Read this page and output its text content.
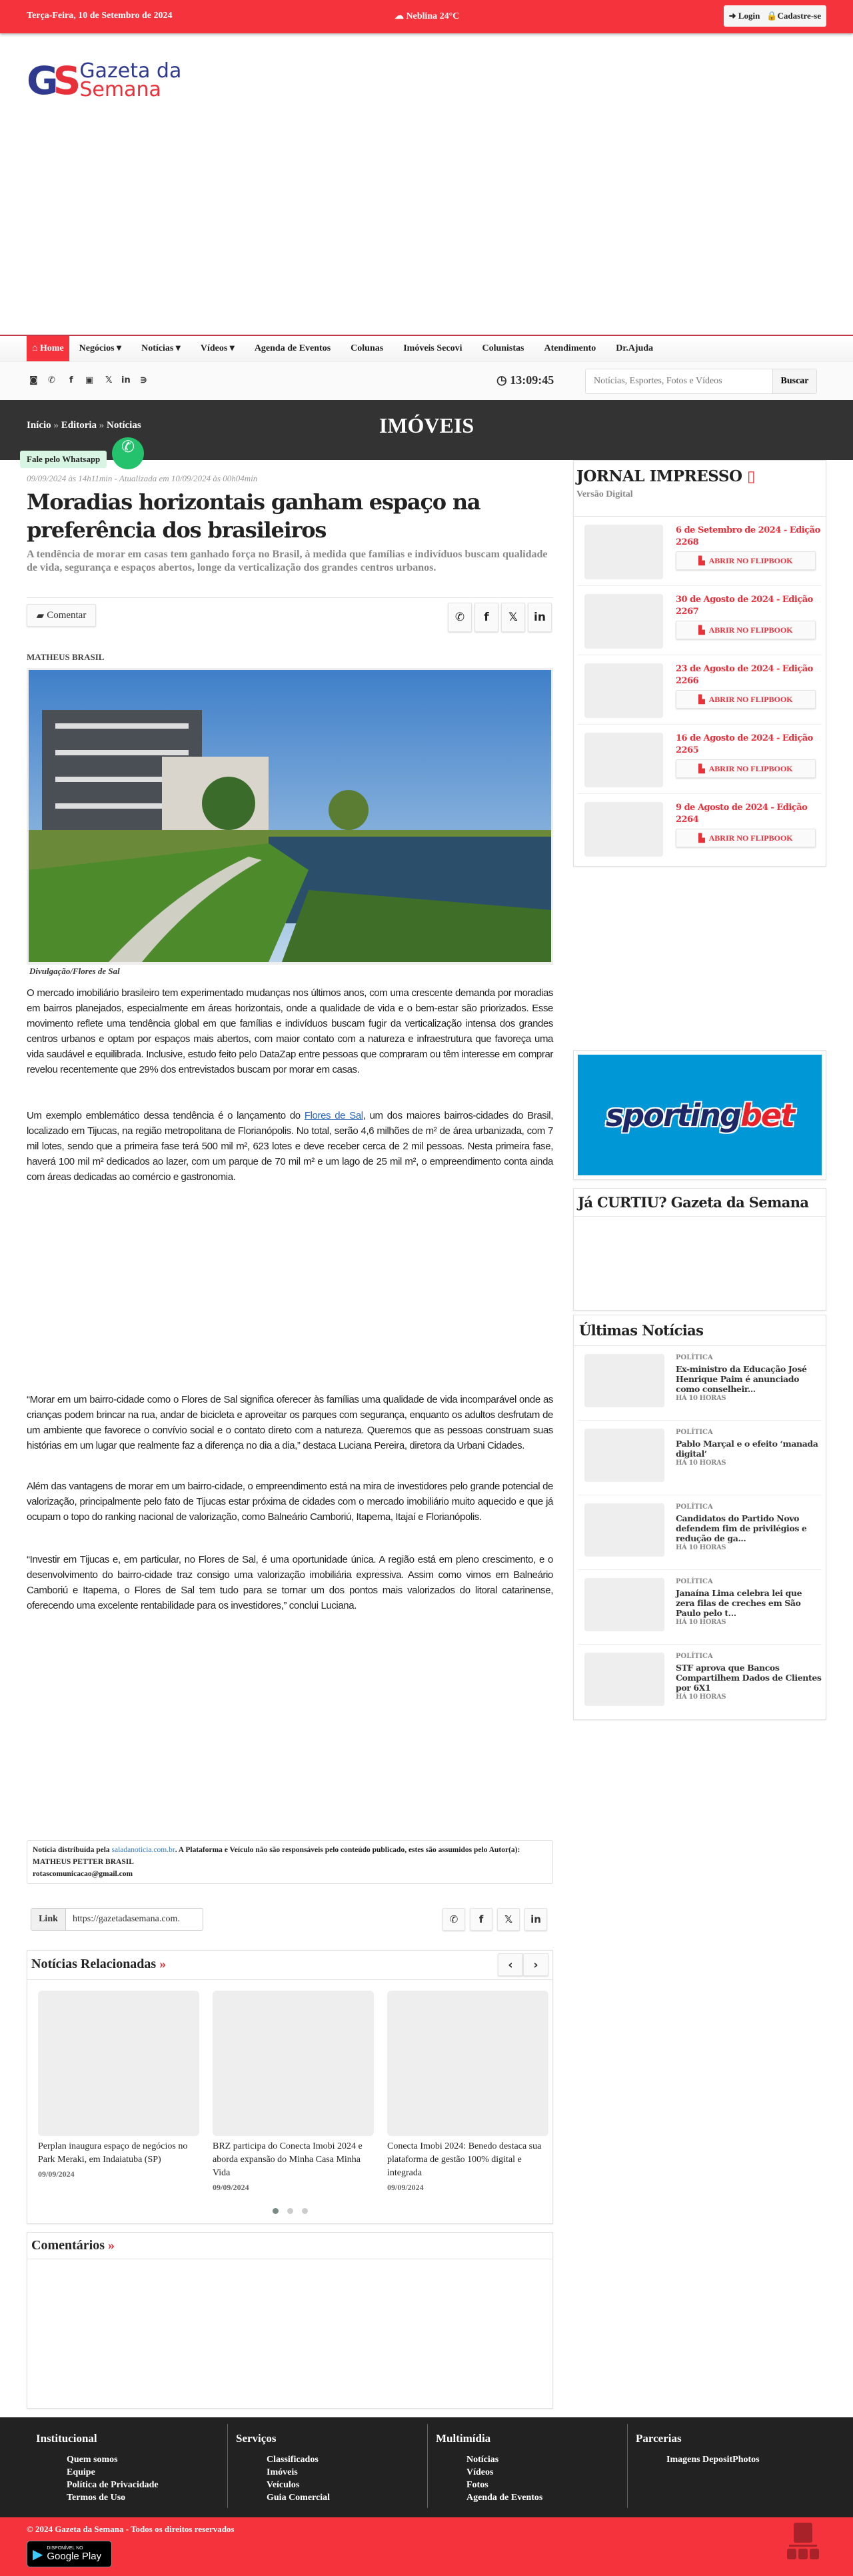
Terça-Feira, 10 de Setembro de 2024	☁ Neblina 24°C	➜ Login 🔒Cadastre-se
GS Gazeta da
Semana
⌂ Home	Negócios ▾	Notícias ▾	Vídeos ▾	Agenda de Eventos	Colunas	Imóveis Secovi	Colunistas	Atendimento	Dr.Ajuda
◙ ✆ f ▣ 𝕏 in ⋑	◷ 13:09:45
Notícias, Esportes, Fotos e Vídeos	Buscar
IMÓVEIS
Início » Editoria » Notícias
09/09/2024 às 14h11min - Atualizada em 10/09/2024 às 00h04min
Fale pelo Whatsapp
✆
Moradias horizontais ganham espaço na preferência dos brasileiros
A tendência de morar em casas tem ganhado força no Brasil, à medida que famílias e indivíduos buscam qualidade de vida, segurança e espaços abertos, longe da verticalização dos grandes centros urbanos.
▰ Comentar	✆	f	𝕏	in
MATHEUS BRASIL
Divulgação/Flores de Sal

O mercado imobiliário brasileiro tem experimentado mudanças nos últimos anos, com uma crescente demanda por moradias em bairros planejados, especialmente em áreas horizontais, onde a qualidade de vida e o bem-estar são priorizados. Esse movimento reflete uma tendência global em que famílias e indivíduos buscam fugir da verticalização intensa dos grandes centros urbanos e optam por espaços mais abertos, com maior contato com a natureza e infraestrutura que favoreça uma vida saudável e equilibrada. Inclusive, estudo feito pelo DataZap entre pessoas que compraram ou têm interesse em comprar revelou recentemente que 29% dos entrevistados buscam por morar em casas.

Um exemplo emblemático dessa tendência é o lançamento do Flores de Sal, um dos maiores bairros-cidades do Brasil, localizado em Tijucas, na região metropolitana de Florianópolis. No total, serão 4,6 milhões de m² de área urbanizada, com 7 mil lotes, sendo que a primeira fase terá 500 mil m², 623 lotes e deve receber cerca de 2 mil pessoas. Nesta primeira fase, haverá 100 mil m² dedicados ao lazer, com um parque de 70 mil m² e um lago de 25 mil m², o empreendimento conta ainda com áreas dedicadas ao comércio e gastronomia.

“Morar em um bairro-cidade como o Flores de Sal significa oferecer às famílias uma qualidade de vida incomparável onde as crianças podem brincar na rua, andar de bicicleta e aproveitar os parques com segurança, enquanto os adultos desfrutam de um ambiente que favorece o convívio social e o contato direto com a natureza. Queremos que as pessoas construam suas histórias em um lugar que realmente faz a diferença no dia a dia,” destaca Luciana Pereira, diretora da Urbani Cidades.

Além das vantagens de morar em um bairro-cidade, o empreendimento está na mira de investidores pelo grande potencial de valorização, principalmente pelo fato de Tijucas estar próxima de cidades com o mercado imobiliário muito aquecido e que já ocupam o topo do ranking nacional de valorização, como Balneário Camboriú, Itapema, Itajaí e Florianópolis.

“Investir em Tijucas e, em particular, no Flores de Sal, é uma oportunidade única. A região está em pleno crescimento, e o desenvolvimento do bairro-cidade traz consigo uma valorização imobiliária expressiva. Assim como vimos em Balneário Camboriú e Itapema, o Flores de Sal tem tudo para se tornar um dos pontos mais valorizados do litoral catarinense, oferecendo uma excelente rentabilidade para os investidores,” conclui Luciana.

Notícia distribuída pela saladanoticia.com.br. A Plataforma e Veículo não são responsáveis pelo conteúdo publicado, estes são assumidos pelo Autor(a):
MATHEUS PETTER BRASIL
rotascomunicacao@gmail.com
Link	https://gazetadasemana.com.	✆	f	𝕏	in
Notícias Relacionadas »	‹	›
Perplan inaugura espaço de negócios no Park Meraki, em Indaiatuba (SP)
09/09/2024
BRZ participa do Conecta Imobi 2024 e aborda expansão do Minha Casa Minha Vida
09/09/2024
Conecta Imobi 2024: Benedo destaca sua plataforma de gestão 100% digital e integrada
09/09/2024
Comentários »
JORNAL IMPRESSO ▯
Versão Digital
6 de Setembro de 2024 - Edição 2268
▙ ABRIR NO FLIPBOOK
30 de Agosto de 2024 - Edição 2267
▙ ABRIR NO FLIPBOOK
23 de Agosto de 2024 - Edição 2266
▙ ABRIR NO FLIPBOOK
16 de Agosto de 2024 - Edição 2265
▙ ABRIR NO FLIPBOOK
9 de Agosto de 2024 - Edição 2264
▙ ABRIR NO FLIPBOOK
sporting bet
Já CURTIU? Gazeta da Semana
Últimas Notícias
POLÍTICA
Ex-ministro da Educação José Henrique Paim é anunciado como conselheir...
HÁ 10 HORAS
POLÍTICA
Pablo Marçal e o efeito ‘manada digital’
HÁ 10 HORAS
POLÍTICA
Candidatos do Partido Novo defendem fim de privilégios e redução de ga...
HÁ 10 HORAS
POLÍTICA
Janaína Lima celebra lei que zera filas de creches em São Paulo pelo t...
HÁ 10 HORAS
POLÍTICA
STF aprova que Bancos Compartilhem Dados de Clientes por 6X1
HÁ 10 HORAS
Institucional
Quem somos
Equipe
Política de Privacidade
Termos de Uso
Serviços
Classificados
Imóveis
Veículos
Guia Comercial
Multimídia
Notícias
Vídeos
Fotos
Agenda de Eventos
Parcerias
Imagens DepositPhotos
© 2024 Gazeta da Semana - Todos os direitos reservados
▶ DISPONÍVEL NO
Google Play
